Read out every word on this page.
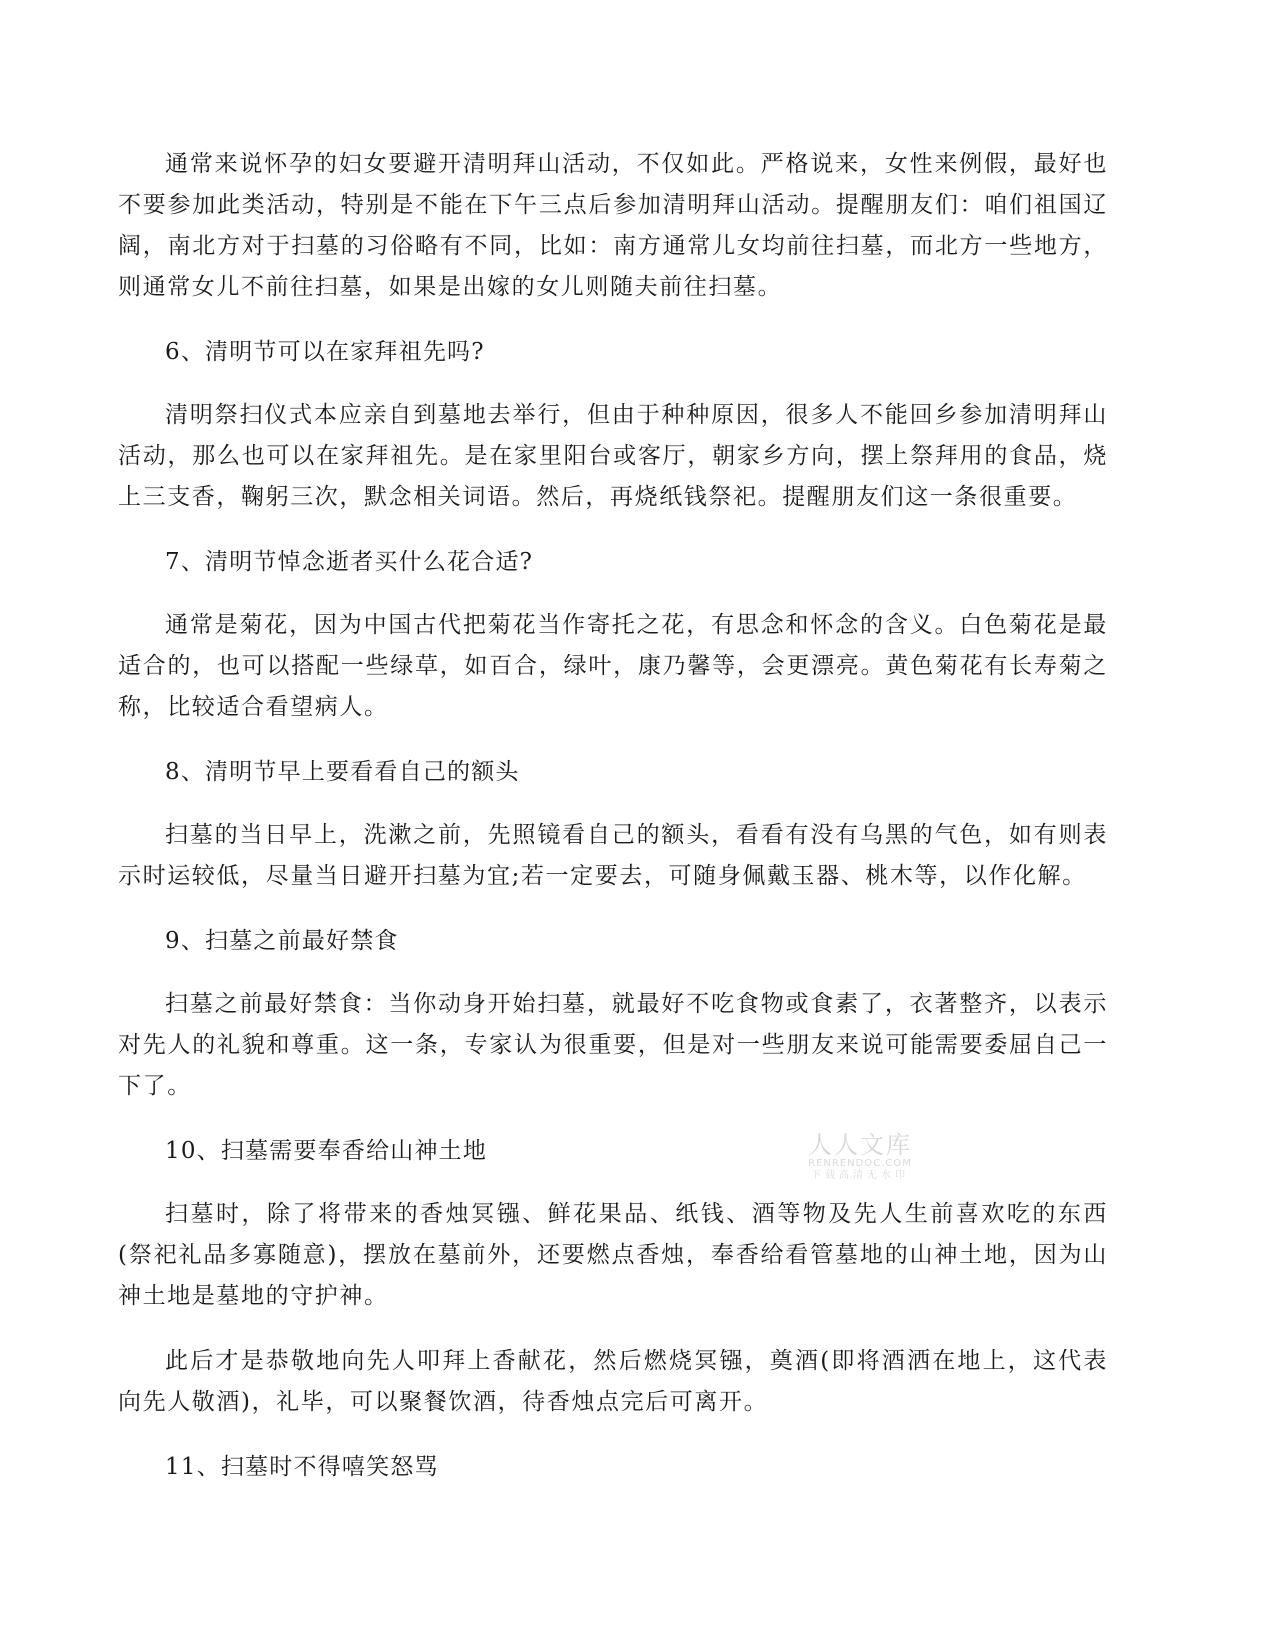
通常来说怀孕的妇女要避开清明拜山活动，不仅如此。严格说来，女性来例假，最好也不要参加此类活动，特别是不能在下午三点后参加清明拜山活动。提醒朋友们：咱们祖国辽阔，南北方对于扫墓的习俗略有不同，比如：南方通常儿女均前往扫墓，而北方一些地方，则通常女儿不前往扫墓，如果是出嫁的女儿则随夫前往扫墓。

6、清明节可以在家拜祖先吗?

清明祭扫仪式本应亲自到墓地去举行，但由于种种原因，很多人不能回乡参加清明拜山活动，那么也可以在家拜祖先。是在家里阳台或客厅，朝家乡方向，摆上祭拜用的食品，烧上三支香，鞠躬三次，默念相关词语。然后，再烧纸钱祭祀。提醒朋友们这一条很重要。

7、清明节悼念逝者买什么花合适?

通常是菊花，因为中国古代把菊花当作寄托之花，有思念和怀念的含义。白色菊花是最适合的，也可以搭配一些绿草，如百合，绿叶，康乃馨等，会更漂亮。黄色菊花有长寿菊之称，比较适合看望病人。

8、清明节早上要看看自己的额头

扫墓的当日早上，洗漱之前，先照镜看自己的额头，看看有没有乌黑的气色，如有则表示时运较低，尽量当日避开扫墓为宜;若一定要去，可随身佩戴玉器、桃木等，以作化解。

9、扫墓之前最好禁食

扫墓之前最好禁食：当你动身开始扫墓，就最好不吃食物或食素了，衣著整齐，以表示对先人的礼貌和尊重。这一条，专家认为很重要，但是对一些朋友来说可能需要委屈自己一下了。

10、扫墓需要奉香给山神土地

扫墓时，除了将带来的香烛冥镪、鲜花果品、纸钱、酒等物及先人生前喜欢吃的东西(祭祀礼品多寡随意)，摆放在墓前外，还要燃点香烛，奉香给看管墓地的山神土地，因为山神土地是墓地的守护神。

此后才是恭敬地向先人叩拜上香献花，然后燃烧冥镪，奠酒(即将酒洒在地上，这代表向先人敬酒)，礼毕，可以聚餐饮酒，待香烛点完后可离开。

11、扫墓时不得嘻笑怒骂

人人文库
RENRENDOC.COM
下载高清无水印
